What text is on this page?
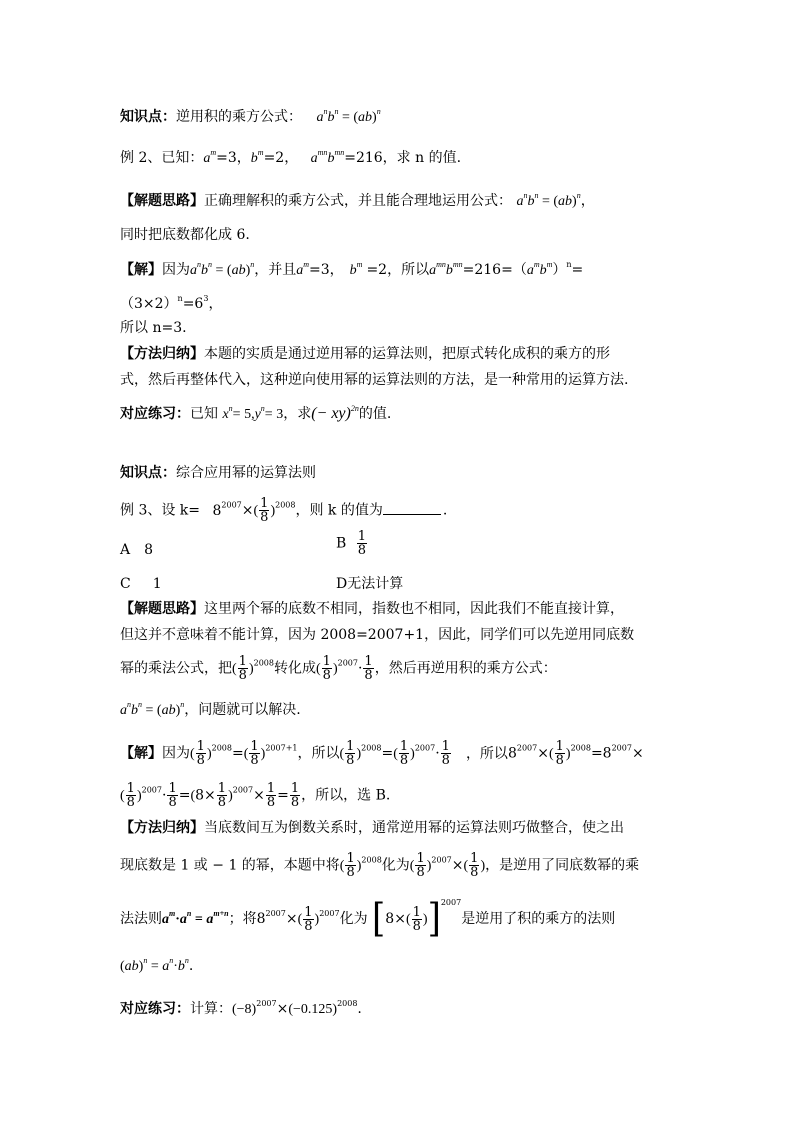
知识点：逆用积的乘方公式： $a^nb^n = (ab)^n$
例 2、已知：$a^m=3$，$b^m=2$， $a^{mn}b^{mn}=216$，求 n 的值.
【解题思路】正确理解积的乘方公式，并且能合理地运用公式： $a^nb^n = (ab)^n$，
同时把底数都化成 6.
【解】因为$a^nb^n = (ab)^n$，并且$a^m=3$， $b^m =2$，所以$a^{mn}b^{mn}=216=(a^mb^m)^n=$
$(3\times 2)^n=6^3$，
所以 n=3.
【方法归纳】本题的实质是通过逆用幂的运算法则，把原式转化成积的乘方的形
式，然后再整体代入，这种逆向使用幂的运算法则的方法，是一种常用的运算方法.
对应练习：已知 $x^n= 5,y^n= 3$，求(− xy)$^{2n}$的值.
知识点：综合应用幂的运算法则
例 3、设 $k= 8^{2007}\times( \frac{1}{8} )^{2008}$，则 k 的值为	.
A 8	B $\frac{1}{8}$
C 1	D无法计算
【解题思路】这里两个幂的底数不相同，指数也不相同，因此我们不能直接计算，
但这并不意味着不能计算，因为 2008=2007+1，因此，同学们可以先逆用同底数
幂的乘法公式，把( $\frac{1}{8} )^{2008}$转化成( $\frac{1}{8} )^{2007}\cdot \frac{1}{8}$ ，然后再逆用积的乘方公式：
$a^nb^n = (ab)^n$，问题就可以解决.
【解】因为( $\frac{1}{8} )^{2008}=( \frac{1}{8} )^{2007+1}$，所以( $\frac{1}{8} )^{2008}=( \frac{1}{8} )^{2007}\cdot \frac{1}{8}$ ，所以$8^{2007}\times( \frac{1}{8} )^{2008}=8^{2007}\times$
( $\frac{1}{8} )^{2007}\cdot \frac{1}{8} =(8\times \frac{1}{8} )^{2007}\times \frac{1}{8} = \frac{1}{8}$ ，所以，选 B.
【方法归纳】当底数间互为倒数关系时，通常逆用幂的运算法则巧做整合，使之出
现底数是 1 或 − 1 的幂，本题中将( $\frac{1}{8} )^{2008}$化为( $\frac{1}{8} )^{2007}\times( \frac{1}{8}$ )，是逆用了同底数幂的乘
法法则$a^m\cdot a^n = a^{m+n}$；将$8^{2007}\times( \frac{1}{8} )^{2007}$化为 $[8\times( \frac{1}{8} )]^{2007}$是逆用了积的乘方的法则
$(ab)^n = a^n\cdot b^n$.
对应练习：计算：$(-8)^{2007}\times(-0.125)^{2008}$.
